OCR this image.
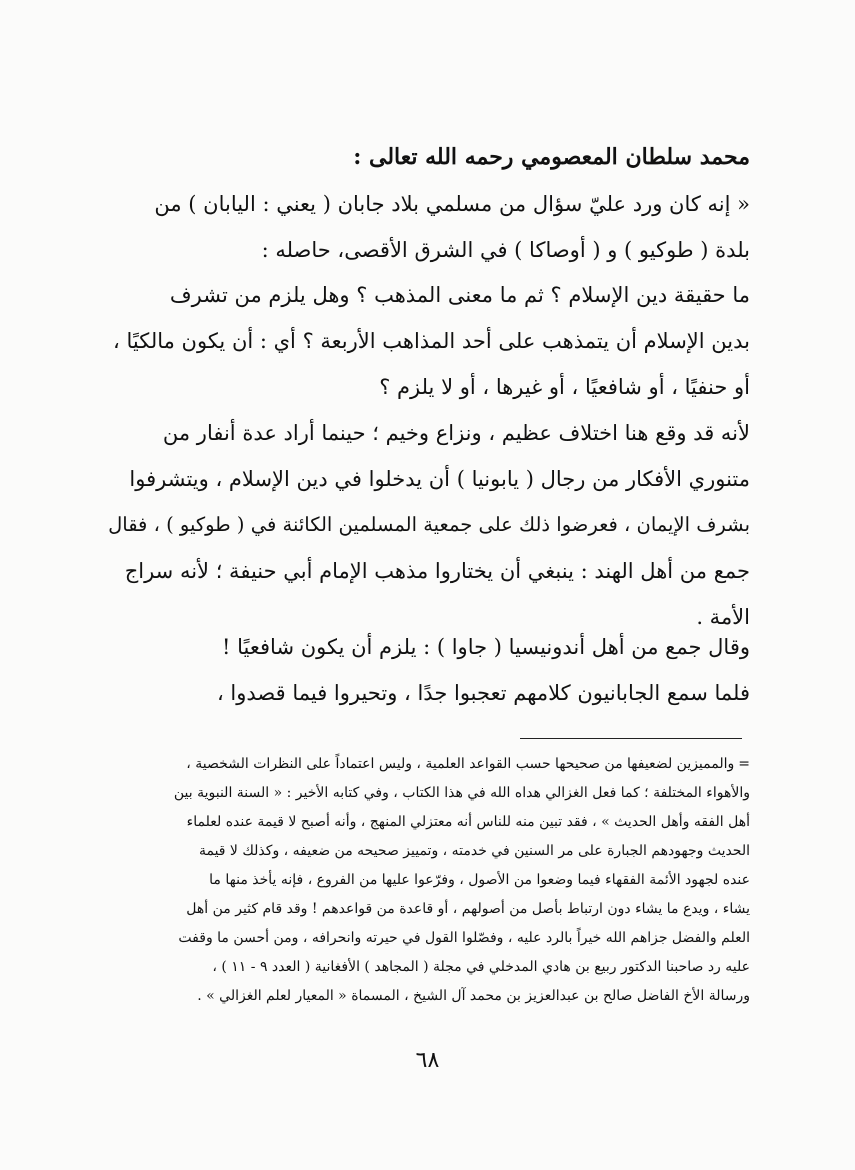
محمد سلطان المعصومي رحمه الله تعالى :
« إنه كان ورد عليّ سؤال من مسلمي بلاد جابان ( يعني : اليابان ) من
بلدة ( طوكيو ) و ( أوصاكا ) في الشرق الأقصى، حاصله :
ما حقيقة دين الإسلام ؟ ثم ما معنى المذهب ؟ وهل يلزم من تشرف
بدين الإسلام أن يتمذهب على أحد المذاهب الأربعة ؟ أي : أن يكون مالكيًا ،
أو حنفيًا ، أو شافعيًا ، أو غيرها ، أو لا يلزم ؟
لأنه قد وقع هنا اختلاف عظيم ، ونزاع وخيم ؛ حينما أراد عدة أنفار من
متنوري الأفكار من رجال ( يابونيا ) أن يدخلوا في دين الإسلام ، ويتشرفوا
بشرف الإيمان ، فعرضوا ذلك على جمعية المسلمين الكائنة في ( طوكيو ) ، فقال
جمع من أهل الهند : ينبغي أن يختاروا مذهب الإمام أبي حنيفة ؛ لأنه سراج
الأمة .
وقال جمع من أهل أندونيسيا ( جاوا ) : يلزم أن يكون شافعيًا !
فلما سمع الجابانيون كلامهم تعجبوا جدًا ، وتحيروا فيما قصدوا ،
=والمميزين لضعيفها من صحيحها حسب القواعد العلمية ، وليس اعتماداً على النظرات الشخصية ،
والأهواء المختلفة ؛ كما فعل الغزالي هداه الله في هذا الكتاب ، وفي كتابه الأخير : « السنة النبوية بين
أهل الفقه وأهل الحديث » ، فقد تبين منه للناس أنه معتزلي المنهج ، وأنه أصبح لا قيمة عنده لعلماء
الحديث وجهودهم الجبارة على مر السنين في خدمته ، وتمييز صحيحه من ضعيفه ، وكذلك لا قيمة
عنده لجهود الأئمة الفقهاء فيما وضعوا من الأصول ، وفرّعوا عليها من الفروع ، فإنه يأخذ منها ما
يشاء ، ويدع ما يشاء دون ارتباط بأصل من أصولهم ، أو قاعدة من قواعدهم ! وقد قام كثير من أهل
العلم والفضل جزاهم الله خيراً بالرد عليه ، وفصّلوا القول في حيرته وانحرافه ، ومن أحسن ما وقفت
عليه رد صاحبنا الدكتور ربيع بن هادي المدخلي في مجلة ( المجاهد ) الأفغانية ( العدد ٩ - ١١ ) ،
ورسالة الأخ الفاضل صالح بن عبدالعزيز بن محمد آل الشيخ ، المسماة « المعيار لعلم الغزالي » .
٦٨
